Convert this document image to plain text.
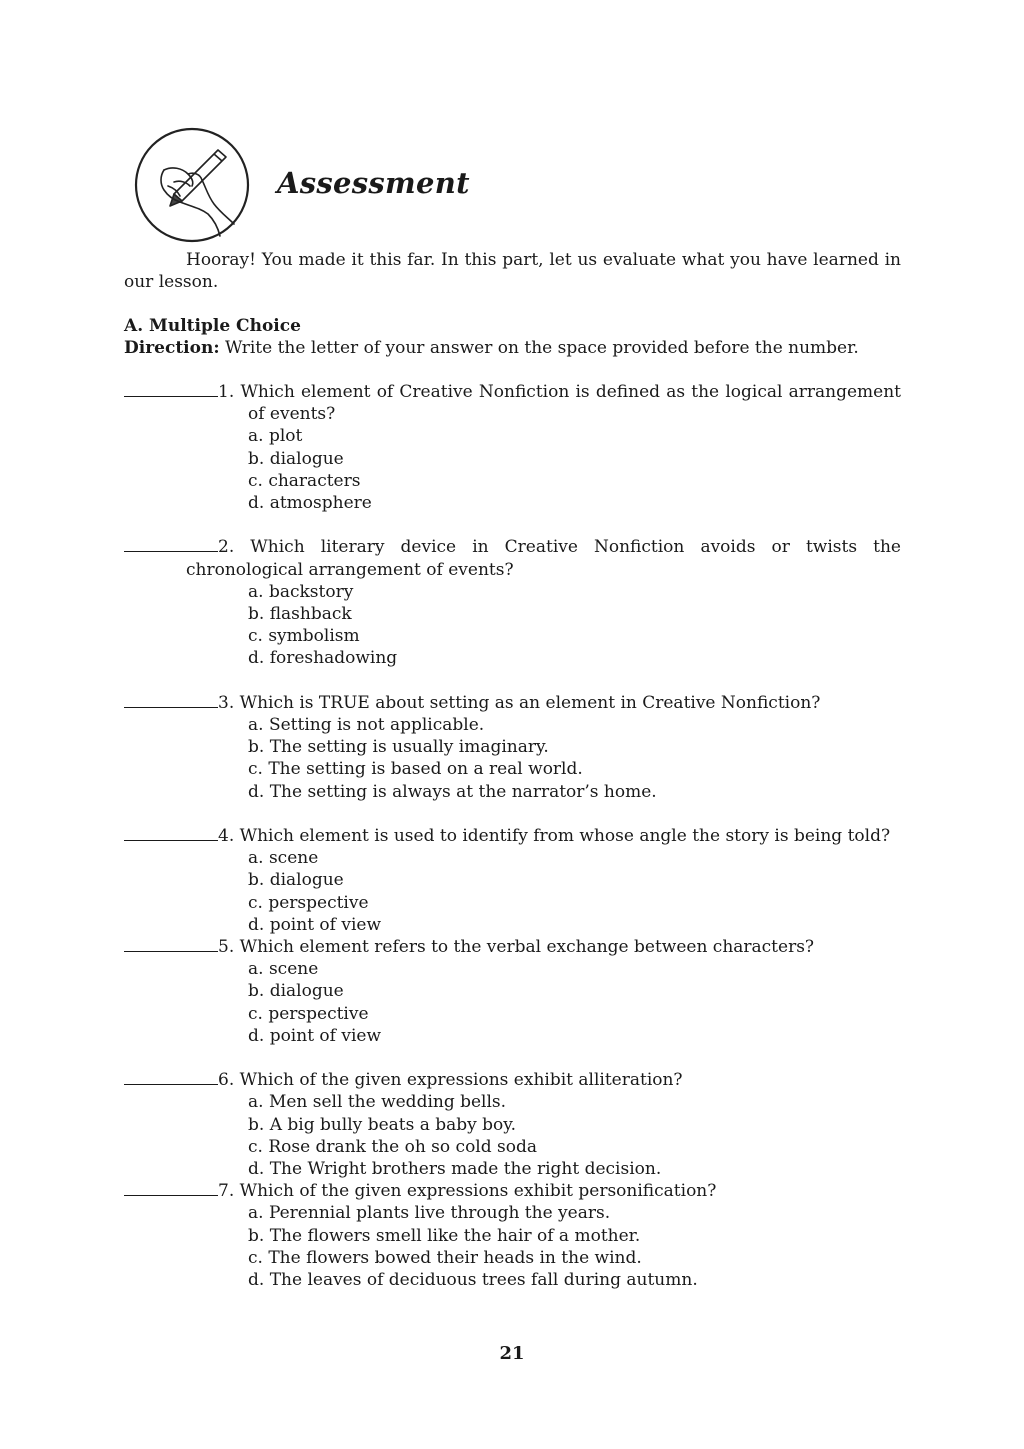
Assessment
Hooray! You made it this far. In this part, let us evaluate what you have learned in our lesson.
A. Multiple Choice
Direction: Write the letter of your answer on the space provided before the number.
1. Which element of Creative Nonfiction is defined as the logical arrangement of events?
a. plot
b. dialogue
c. characters
d. atmosphere
2. Which literary device in Creative Nonfiction avoids or twists the chronological arrangement of events?
a. backstory
b. flashback
c. symbolism
d. foreshadowing
3. Which is TRUE about setting as an element in Creative Nonfiction?
a. Setting is not applicable.
b. The setting is usually imaginary.
c. The setting is based on a real world.
d. The setting is always at the narrator’s home.
4. Which element is used to identify from whose angle the story is being told?
a. scene
b. dialogue
c. perspective
d. point of view
5. Which element refers to the verbal exchange between characters?
a. scene
b. dialogue
c. perspective
d. point of view
6. Which of the given expressions exhibit alliteration?
a. Men sell the wedding bells.
b. A big bully beats a baby boy.
c. Rose drank the oh so cold soda
d. The Wright brothers made the right decision.
7. Which of the given expressions exhibit personification?
a. Perennial plants live through the years.
b. The flowers smell like the hair of a mother.
c. The flowers bowed their heads in the wind.
d. The leaves of deciduous trees fall during autumn.
21
